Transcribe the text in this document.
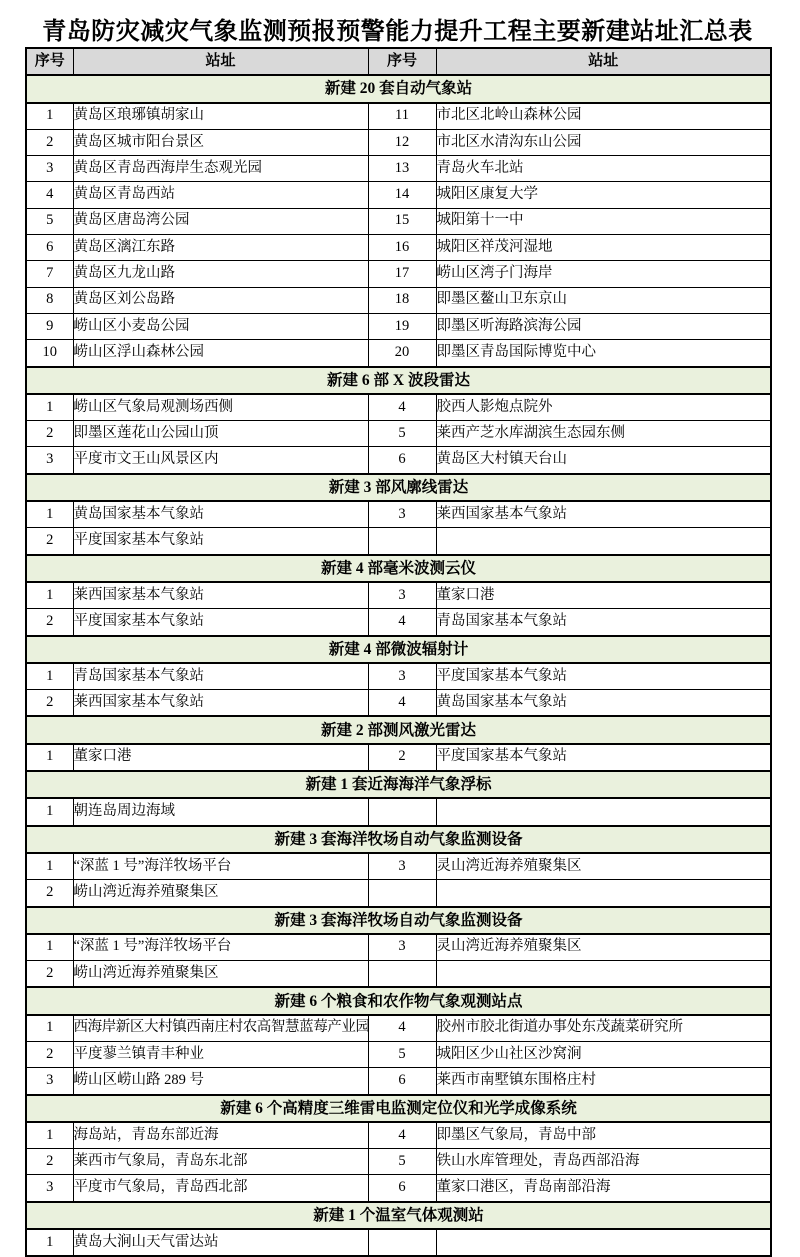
青岛防灾减灾气象监测预报预警能力提升工程主要新建站址汇总表
序号	站址	序号	站址
新建 20 套自动气象站			
1	黄岛区琅琊镇胡家山	11	市北区北岭山森林公园
2	黄岛区城市阳台景区	12	市北区水清沟东山公园
3	黄岛区青岛西海岸生态观光园	13	青岛火车北站
4	黄岛区青岛西站	14	城阳区康复大学
5	黄岛区唐岛湾公园	15	城阳第十一中
6	黄岛区漓江东路	16	城阳区祥茂河湿地
7	黄岛区九龙山路	17	崂山区湾子门海岸
8	黄岛区刘公岛路	18	即墨区鳌山卫东京山
9	崂山区小麦岛公园	19	即墨区听海路滨海公园
10	崂山区浮山森林公园	20	即墨区青岛国际博览中心
新建 6 部 X 波段雷达			
1	崂山区气象局观测场西侧	4	胶西人影炮点院外
2	即墨区莲花山公园山顶	5	莱西产芝水库湖滨生态园东侧
3	平度市文王山风景区内	6	黄岛区大村镇天台山
新建 3 部风廓线雷达			
1	黄岛国家基本气象站	3	莱西国家基本气象站
2	平度国家基本气象站		
新建 4 部毫米波测云仪			
1	莱西国家基本气象站	3	董家口港
2	平度国家基本气象站	4	青岛国家基本气象站
新建 4 部微波辐射计			
1	青岛国家基本气象站	3	平度国家基本气象站
2	莱西国家基本气象站	4	黄岛国家基本气象站
新建 2 部测风激光雷达			
1	董家口港	2	平度国家基本气象站
新建 1 套近海海洋气象浮标			
1	朝连岛周边海域		
新建 3 套海洋牧场自动气象监测设备			
1	“深蓝 1 号”海洋牧场平台	3	灵山湾近海养殖聚集区
2	崂山湾近海养殖聚集区		
新建 3 套海洋牧场自动气象监测设备			
1	“深蓝 1 号”海洋牧场平台	3	灵山湾近海养殖聚集区
2	崂山湾近海养殖聚集区		
新建 6 个粮食和农作物气象观测站点			
1	西海岸新区大村镇西南庄村农高智慧蓝莓产业园	4	胶州市胶北街道办事处东茂蔬菜研究所
2	平度蓼兰镇青丰种业	5	城阳区少山社区沙窝涧
3	崂山区崂山路 289 号	6	莱西市南墅镇东围格庄村
新建 6 个高精度三维雷电监测定位仪和光学成像系统			
1	海岛站，青岛东部近海	4	即墨区气象局，青岛中部
2	莱西市气象局，青岛东北部	5	铁山水库管理处，青岛西部沿海
3	平度市气象局，青岛西北部	6	董家口港区，青岛南部沿海
新建 1 个温室气体观测站			
1	黄岛大涧山天气雷达站		
